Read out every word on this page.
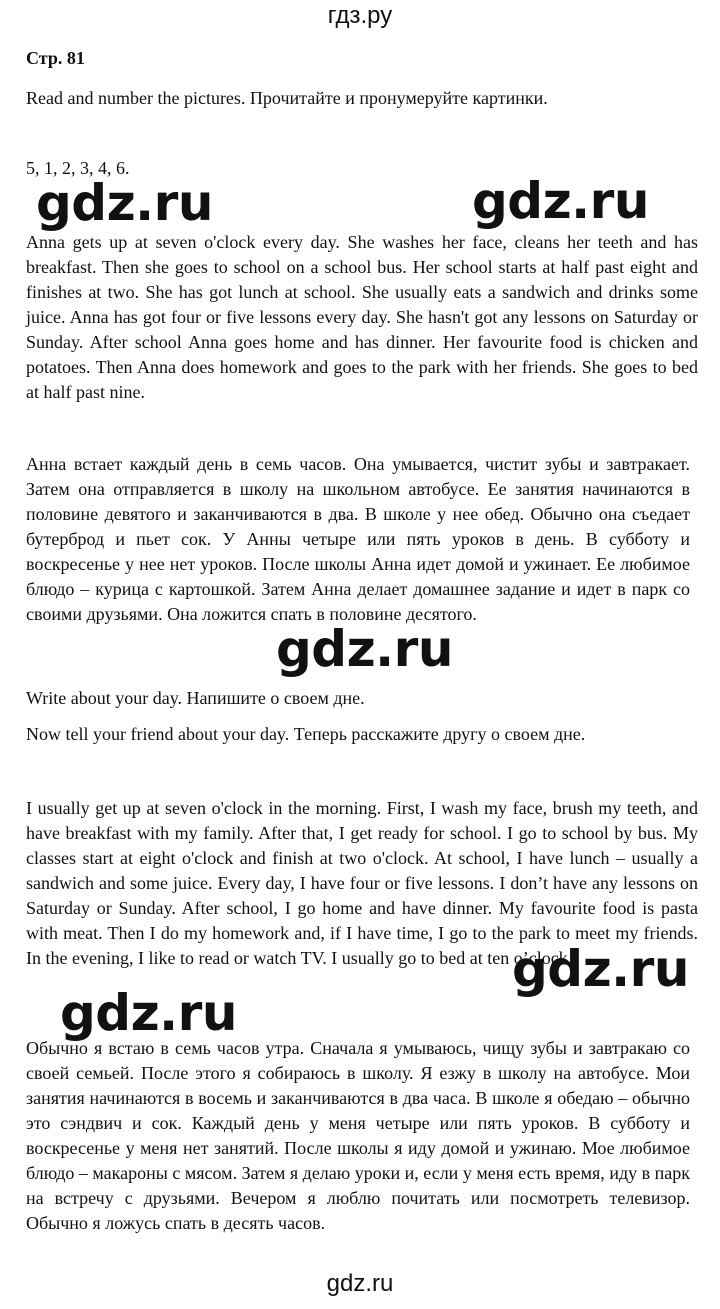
гдз.ру
Стр. 81
Read and number the pictures. Прочитайте и пронумеруйте картинки.
5, 1, 2, 3, 4, 6.
gdz.ru	gdz.ru

Anna gets up at seven o'clock every day. She washes her face, cleans her teeth and has breakfast. Then she goes to school on a school bus. Her school starts at half past eight and finishes at two. She has got lunch at school. She usually eats a sandwich and drinks some juice. Anna has got four or five lessons every day. She hasn't got any lessons on Saturday or Sunday. After school Anna goes home and has dinner. Her favourite food is chicken and potatoes. Then Anna does homework and goes to the park with her friends. She goes to bed at half past nine.

Анна встает каждый день в семь часов. Она умывается, чистит зубы и завтракает. Затем она отправляется в школу на школьном автобусе. Ее занятия начинаются в половине девятого и заканчиваются в два. В школе у нее обед. Обычно она съедает бутерброд и пьет сок. У Анны четыре или пять уроков в день. В субботу и воскресенье у нее нет уроков. После школы Анна идет домой и ужинает. Ее любимое блюдо – курица с картошкой. Затем Анна делает домашнее задание и идет в парк со своими друзьями. Она ложится спать в половине десятого.

gdz.ru
Write about your day. Напишите о своем дне.
Now tell your friend about your day. Теперь расскажите другу о своем дне.

I usually get up at seven o'clock in the morning. First, I wash my face, brush my teeth, and have breakfast with my family. After that, I get ready for school. I go to school by bus. My classes start at eight o'clock and finish at two o'clock. At school, I have lunch – usually a sandwich and some juice. Every day, I have four or five lessons. I don’t have any lessons on Saturday or Sunday. After school, I go home and have dinner. My favourite food is pasta with meat. Then I do my homework and, if I have time, I go to the park to meet my friends. In the evening, I like to read or watch TV. I usually go to bed at ten o’clock.

gdz.ru
gdz.ru

Обычно я встаю в семь часов утра. Сначала я умываюсь, чищу зубы и завтракаю со своей семьей. После этого я собираюсь в школу. Я езжу в школу на автобусе. Мои занятия начинаются в восемь и заканчиваются в два часа. В школе я обедаю – обычно это сэндвич и сок. Каждый день у меня четыре или пять уроков. В субботу и воскресенье у меня нет занятий. После школы я иду домой и ужинаю. Мое любимое блюдо – макароны с мясом. Затем я делаю уроки и, если у меня есть время, иду в парк на встречу с друзьями. Вечером я люблю почитать или посмотреть телевизор. Обычно я ложусь спать в десять часов.

gdz.ru
